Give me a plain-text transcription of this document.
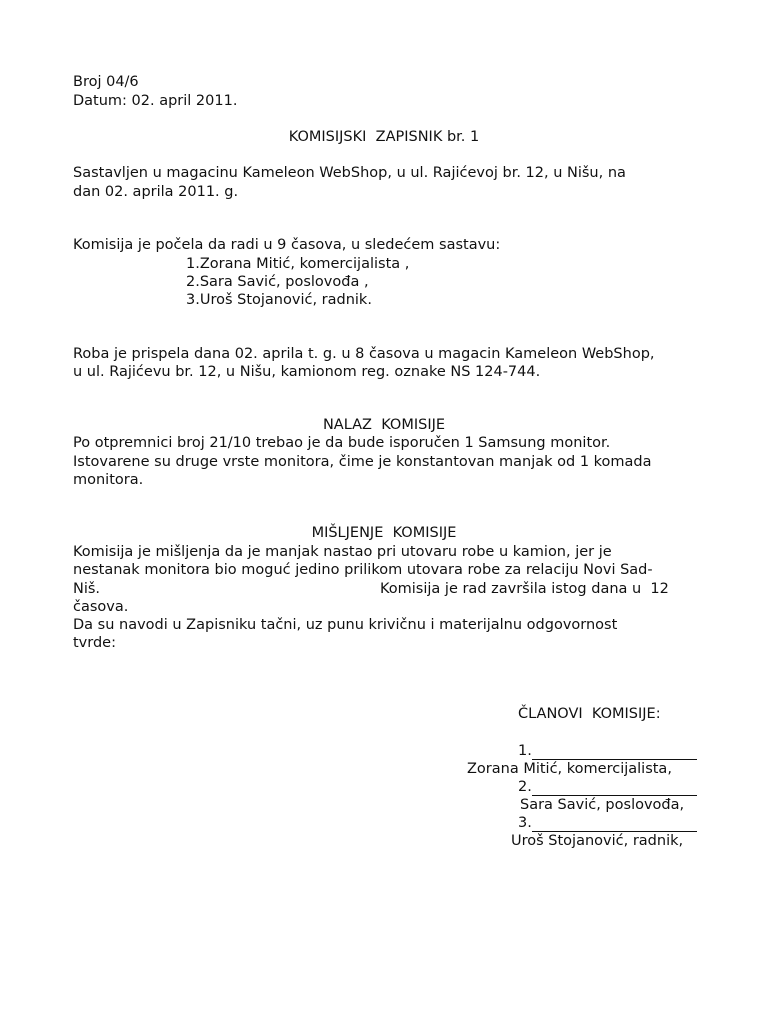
Broj 04/6

Datum: 02. april 2011.

KOMISIJSKI  ZAPISNIK br. 1

Sastavljen u magacinu Kameleon WebShop, u ul. Rajićevoj br. 12, u Nišu, na

dan 02. aprila 2011. g.

Komisija je počela da radi u 9 časova, u sledećem sastavu:

1.Zorana Mitić, komercijalista ,

2.Sara Savić, poslovođa ,

3.Uroš Stojanović, radnik.

Roba je prispela dana 02. aprila t. g. u 8 časova u magacin Kameleon WebShop,

u ul. Rajićevu br. 12, u Nišu, kamionom reg. oznake NS 124-744.

NALAZ  KOMISIJE

Po otpremnici broj 21/10 trebao je da bude isporučen 1 Samsung monitor.

Istovarene su druge vrste monitora, čime je konstantovan manjak od 1 komada

monitora.

MIŠLJENJE  KOMISIJE

Komisija je mišljenja da je manjak nastao pri utovaru robe u kamion, jer je

nestanak monitora bio moguć jedino prilikom utovara robe za relaciju Novi Sad-

Niš.	Komisija je rad završila istog dana u  12

časova.

Da su navodi u Zapisniku tačni, uz punu krivičnu i materijalnu odgovornost

tvrde:

ČLANOVI  KOMISIJE:

1.

Zorana Mitić, komercijalista,

2.

Sara Savić, poslovođa,

3.

Uroš Stojanović, radnik,
